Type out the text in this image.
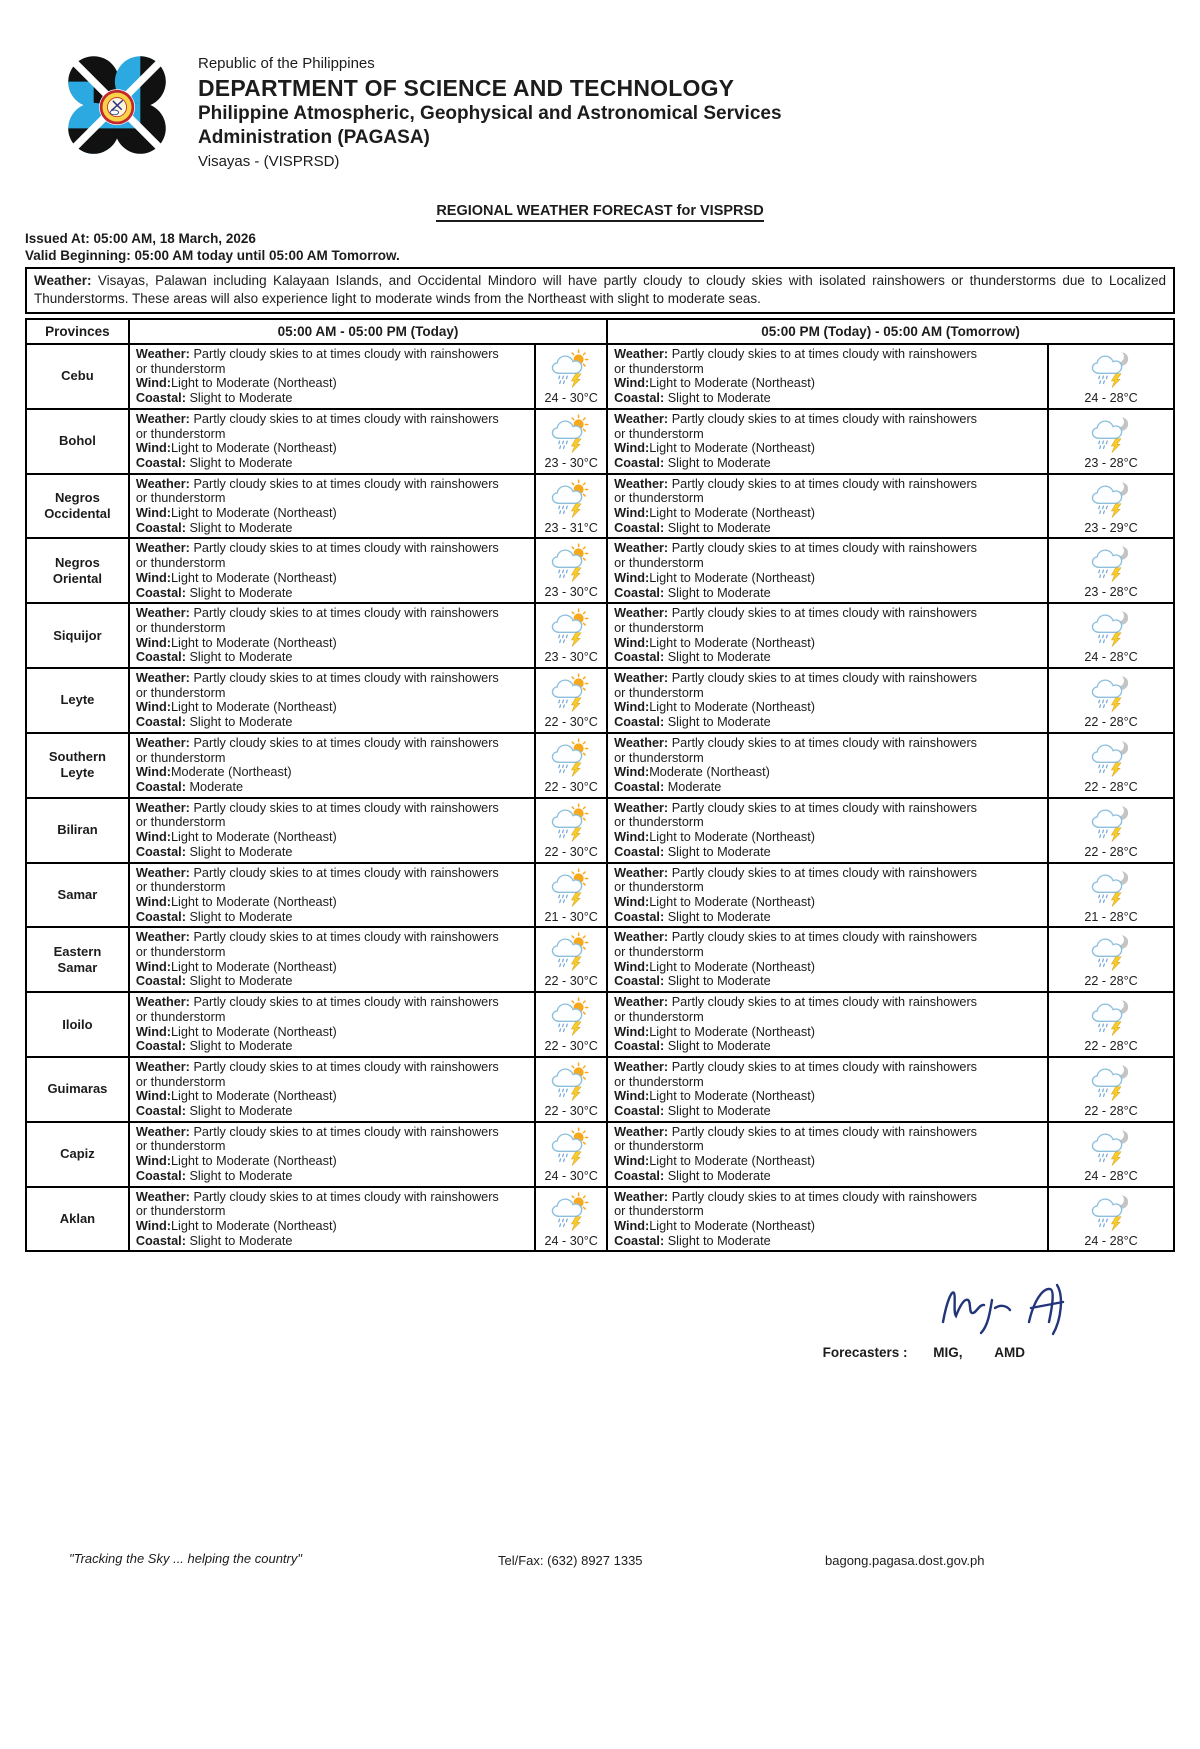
Republic of the Philippines
DEPARTMENT OF SCIENCE AND TECHNOLOGY
Philippine Atmospheric, Geophysical and Astronomical Services
Administration (PAGASA)
Visayas - (VISPRSD)
REGIONAL WEATHER FORECAST for VISPRSD
Issued At: 05:00 AM, 18 March, 2026
Valid Beginning: 05:00 AM today until 05:00 AM Tomorrow.
Weather: Visayas, Palawan including Kalayaan Islands, and Occidental Mindoro will have partly cloudy to cloudy skies with isolated rainshowers or thunderstorms due to Localized Thunderstorms. These areas will also experience light to moderate winds from the Northeast with slight to moderate seas.
Provinces	05:00 AM - 05:00 PM (Today)		05:00 PM (Today) - 05:00 AM (Tomorrow)	
Cebu	Weather: Partly cloudy skies to at times cloudy with rainshowers or thunderstorm
Wind:Light to Moderate (Northeast)
Coastal: Slight to Moderate	24 - 30°C	Weather: Partly cloudy skies to at times cloudy with rainshowers or thunderstorm
Wind:Light to Moderate (Northeast)
Coastal: Slight to Moderate	24 - 28°C

Bohol	Weather: Partly cloudy skies to at times cloudy with rainshowers or thunderstorm
Wind:Light to Moderate (Northeast)
Coastal: Slight to Moderate	23 - 30°C	Weather: Partly cloudy skies to at times cloudy with rainshowers or thunderstorm
Wind:Light to Moderate (Northeast)
Coastal: Slight to Moderate	23 - 28°C

Negros Occidental	Weather: Partly cloudy skies to at times cloudy with rainshowers or thunderstorm
Wind:Light to Moderate (Northeast)
Coastal: Slight to Moderate	23 - 31°C	Weather: Partly cloudy skies to at times cloudy with rainshowers or thunderstorm
Wind:Light to Moderate (Northeast)
Coastal: Slight to Moderate	23 - 29°C

Negros Oriental	Weather: Partly cloudy skies to at times cloudy with rainshowers or thunderstorm
Wind:Light to Moderate (Northeast)
Coastal: Slight to Moderate	23 - 30°C	Weather: Partly cloudy skies to at times cloudy with rainshowers or thunderstorm
Wind:Light to Moderate (Northeast)
Coastal: Slight to Moderate	23 - 28°C

Siquijor	Weather: Partly cloudy skies to at times cloudy with rainshowers or thunderstorm
Wind:Light to Moderate (Northeast)
Coastal: Slight to Moderate	23 - 30°C	Weather: Partly cloudy skies to at times cloudy with rainshowers or thunderstorm
Wind:Light to Moderate (Northeast)
Coastal: Slight to Moderate	24 - 28°C

Leyte	Weather: Partly cloudy skies to at times cloudy with rainshowers or thunderstorm
Wind:Light to Moderate (Northeast)
Coastal: Slight to Moderate	22 - 30°C	Weather: Partly cloudy skies to at times cloudy with rainshowers or thunderstorm
Wind:Light to Moderate (Northeast)
Coastal: Slight to Moderate	22 - 28°C

Southern Leyte	Weather: Partly cloudy skies to at times cloudy with rainshowers or thunderstorm
Wind:Moderate (Northeast)
Coastal: Moderate	22 - 30°C	Weather: Partly cloudy skies to at times cloudy with rainshowers or thunderstorm
Wind:Moderate (Northeast)
Coastal: Moderate	22 - 28°C

Biliran	Weather: Partly cloudy skies to at times cloudy with rainshowers or thunderstorm
Wind:Light to Moderate (Northeast)
Coastal: Slight to Moderate	22 - 30°C	Weather: Partly cloudy skies to at times cloudy with rainshowers or thunderstorm
Wind:Light to Moderate (Northeast)
Coastal: Slight to Moderate	22 - 28°C

Samar	Weather: Partly cloudy skies to at times cloudy with rainshowers or thunderstorm
Wind:Light to Moderate (Northeast)
Coastal: Slight to Moderate	21 - 30°C	Weather: Partly cloudy skies to at times cloudy with rainshowers or thunderstorm
Wind:Light to Moderate (Northeast)
Coastal: Slight to Moderate	21 - 28°C

Eastern Samar	Weather: Partly cloudy skies to at times cloudy with rainshowers or thunderstorm
Wind:Light to Moderate (Northeast)
Coastal: Slight to Moderate	22 - 30°C	Weather: Partly cloudy skies to at times cloudy with rainshowers or thunderstorm
Wind:Light to Moderate (Northeast)
Coastal: Slight to Moderate	22 - 28°C

Iloilo	Weather: Partly cloudy skies to at times cloudy with rainshowers or thunderstorm
Wind:Light to Moderate (Northeast)
Coastal: Slight to Moderate	22 - 30°C	Weather: Partly cloudy skies to at times cloudy with rainshowers or thunderstorm
Wind:Light to Moderate (Northeast)
Coastal: Slight to Moderate	22 - 28°C

Guimaras	Weather: Partly cloudy skies to at times cloudy with rainshowers or thunderstorm
Wind:Light to Moderate (Northeast)
Coastal: Slight to Moderate	22 - 30°C	Weather: Partly cloudy skies to at times cloudy with rainshowers or thunderstorm
Wind:Light to Moderate (Northeast)
Coastal: Slight to Moderate	22 - 28°C

Capiz	Weather: Partly cloudy skies to at times cloudy with rainshowers or thunderstorm
Wind:Light to Moderate (Northeast)
Coastal: Slight to Moderate	24 - 30°C	Weather: Partly cloudy skies to at times cloudy with rainshowers or thunderstorm
Wind:Light to Moderate (Northeast)
Coastal: Slight to Moderate	24 - 28°C

Aklan	Weather: Partly cloudy skies to at times cloudy with rainshowers or thunderstorm
Wind:Light to Moderate (Northeast)
Coastal: Slight to Moderate	24 - 30°C	Weather: Partly cloudy skies to at times cloudy with rainshowers or thunderstorm
Wind:Light to Moderate (Northeast)
Coastal: Slight to Moderate	24 - 28°C
Forecasters : MIG, AMD
"Tracking the Sky ... helping the country"	Tel/Fax: (632) 8927 1335	bagong.pagasa.dost.gov.ph
